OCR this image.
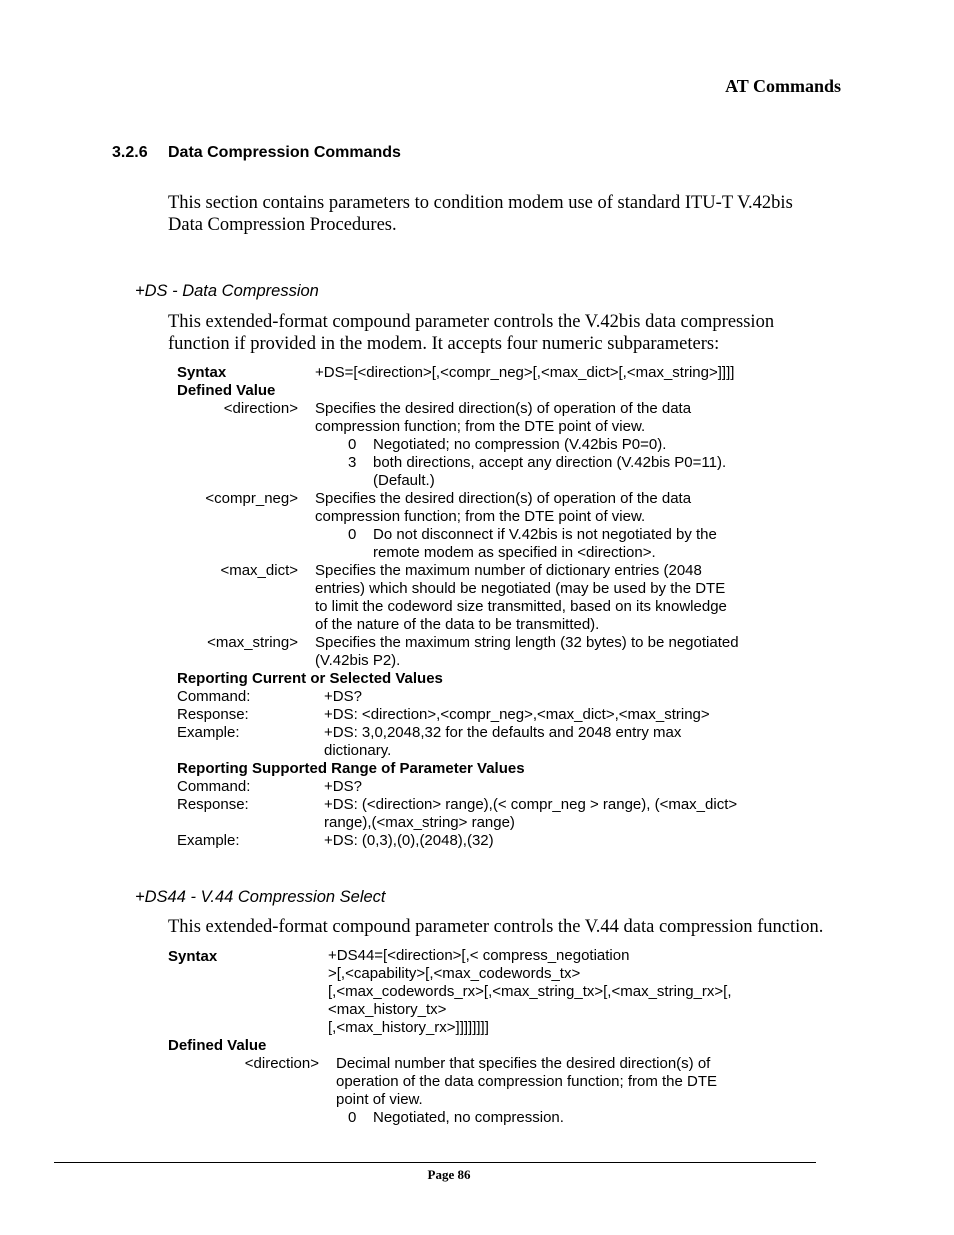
AT Commands
3.2.6 Data Compression Commands
This section contains parameters to condition modem use of standard ITU-T V.42bis
Data Compression Procedures.
+DS - Data Compression
This extended-format compound parameter controls the V.42bis data compression
function if provided in the modem. It accepts four numeric subparameters:
Syntax	+DS=[<direction>[,<compr_neg>[,<max_dict>[,<max_string>]]]]
Defined Value
<direction> Specifies the desired direction(s) of operation of the data
compression function; from the DTE point of view.
0 Negotiated; no compression (V.42bis P0=0).
3 both directions, accept any direction (V.42bis P0=11).
(Default.)
<compr_neg> Specifies the desired direction(s) of operation of the data
compression function; from the DTE point of view.
0 Do not disconnect if V.42bis is not negotiated by the
remote modem as specified in <direction>.
<max_dict> Specifies the maximum number of dictionary entries (2048
entries) which should be negotiated (may be used by the DTE
to limit the codeword size transmitted, based on its knowledge
of the nature of the data to be transmitted).
<max_string> Specifies the maximum string length (32 bytes) to be negotiated
(V.42bis P2).
Reporting Current or Selected Values
Command:	+DS?
Response:	+DS: <direction>,<compr_neg>,<max_dict>,<max_string>
Example:	+DS: 3,0,2048,32 for the defaults and 2048 entry max
dictionary.
Reporting Supported Range of Parameter Values
Command:	+DS?
Response:	+DS: (<direction> range),(< compr_neg > range), (<max_dict>
range),(<max_string> range)
Example:	+DS: (0,3),(0),(2048),(32)
+DS44 - V.44 Compression Select
This extended-format compound parameter controls the V.44 data compression function.
Syntax	+DS44=[<direction>[,< compress_negotiation
>[,<capability>[,<max_codewords_tx>
[,<max_codewords_rx>[,<max_string_tx>[,<max_string_rx>[,
<max_history_tx>
[,<max_history_rx>]]]]]]]]
Defined Value
<direction> Decimal number that specifies the desired direction(s) of
operation of the data compression function; from the DTE
point of view.
0 Negotiated, no compression.
Page 86
